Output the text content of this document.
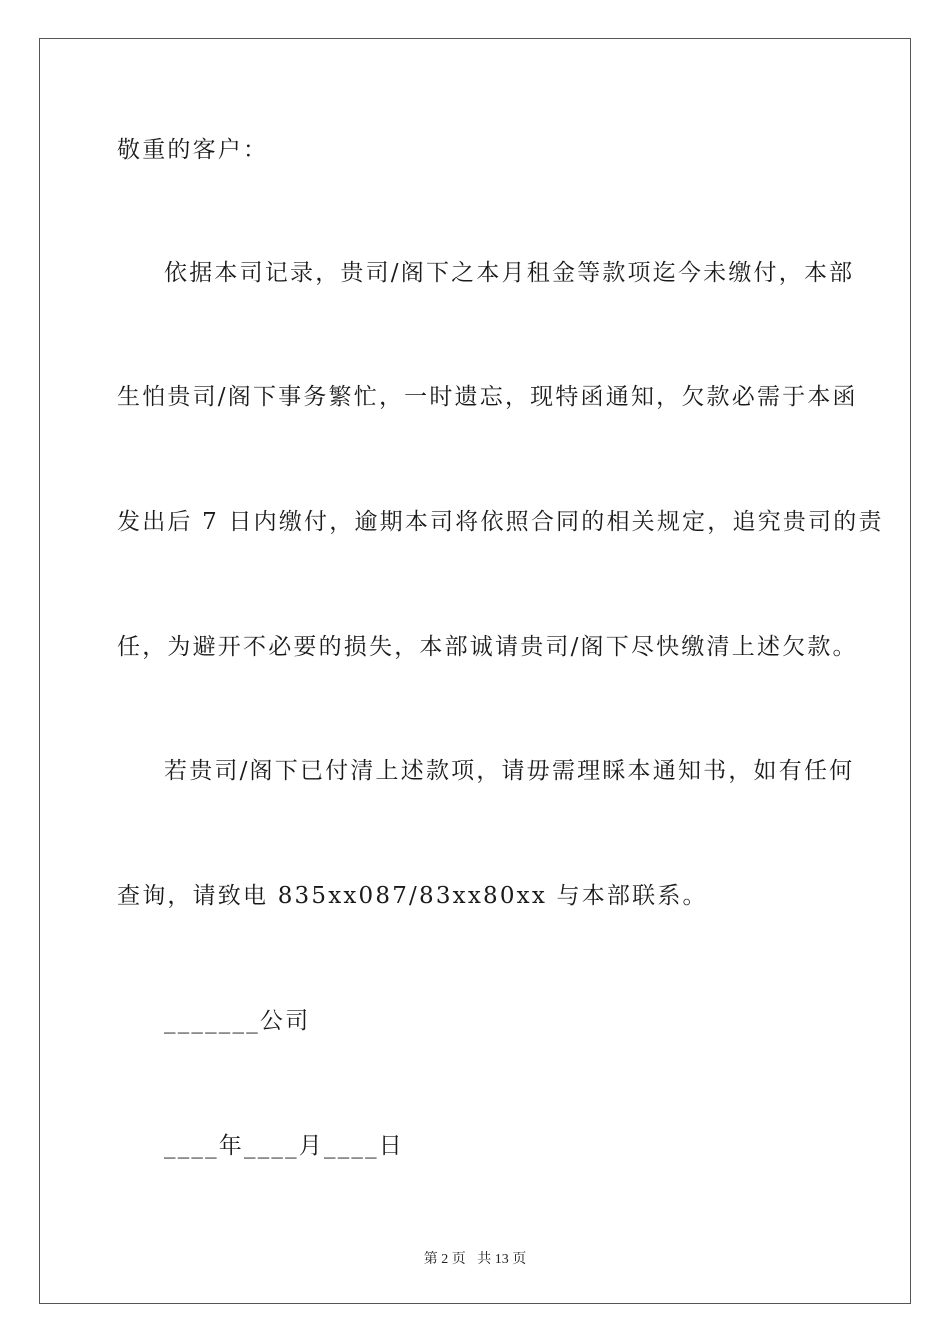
敬重的客户：
依据本司记录，贵司/阁下之本月租金等款项迄今未缴付，本部
生怕贵司/阁下事务繁忙，一时遗忘，现特函通知，欠款必需于本函
发出后 7 日内缴付，逾期本司将依照合同的相关规定，追究贵司的责
任，为避开不必要的损失，本部诚请贵司/阁下尽快缴清上述欠款。
若贵司/阁下已付清上述款项，请毋需理睬本通知书，如有任何
查询，请致电 835xx087/83xx80xx 与本部联系。
_______公司
____年____月____日
第 2 页 共 13 页
